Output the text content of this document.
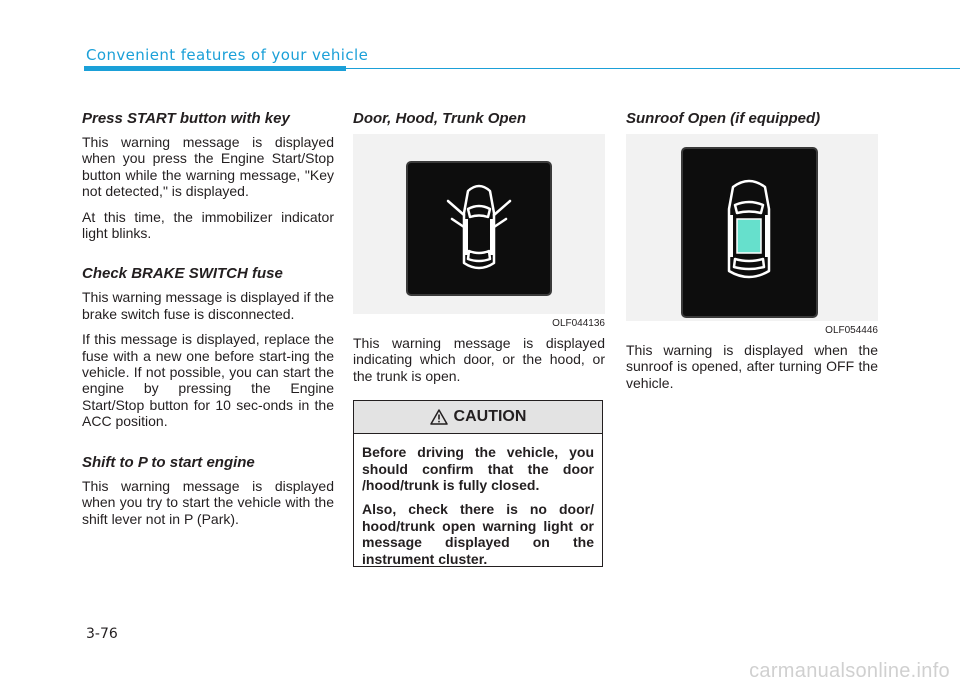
Convenient features of your vehicle
Press START button with key

This warning message is displayed when you press the Engine Start/Stop button while the warning message, "Key not detected," is displayed.

At this time, the immobilizer indicator light blinks.

Check BRAKE SWITCH fuse

This warning message is displayed if the brake switch fuse is disconnected.

If this message is displayed, replace the fuse with a new one before start-ing the vehicle. If not possible, you can start the engine by pressing the Engine Start/Stop button for 10 sec-onds in the ACC position.

Shift to P to start engine

This warning message is displayed when you try to start the vehicle with the shift lever not in P (Park).

Door, Hood, Trunk Open
OLF044136

This warning message is displayed indicating which door, or the hood, or the trunk is open.

CAUTION

Before driving the vehicle, you should confirm that the door /hood/trunk is fully closed.

Also, check there is no door/ hood/trunk open warning light or message displayed on the instrument cluster.

Sunroof Open (if equipped)
OLF054446

This warning is displayed when the sunroof is opened, after turning OFF the vehicle.

3-76
carmanualsonline.info
